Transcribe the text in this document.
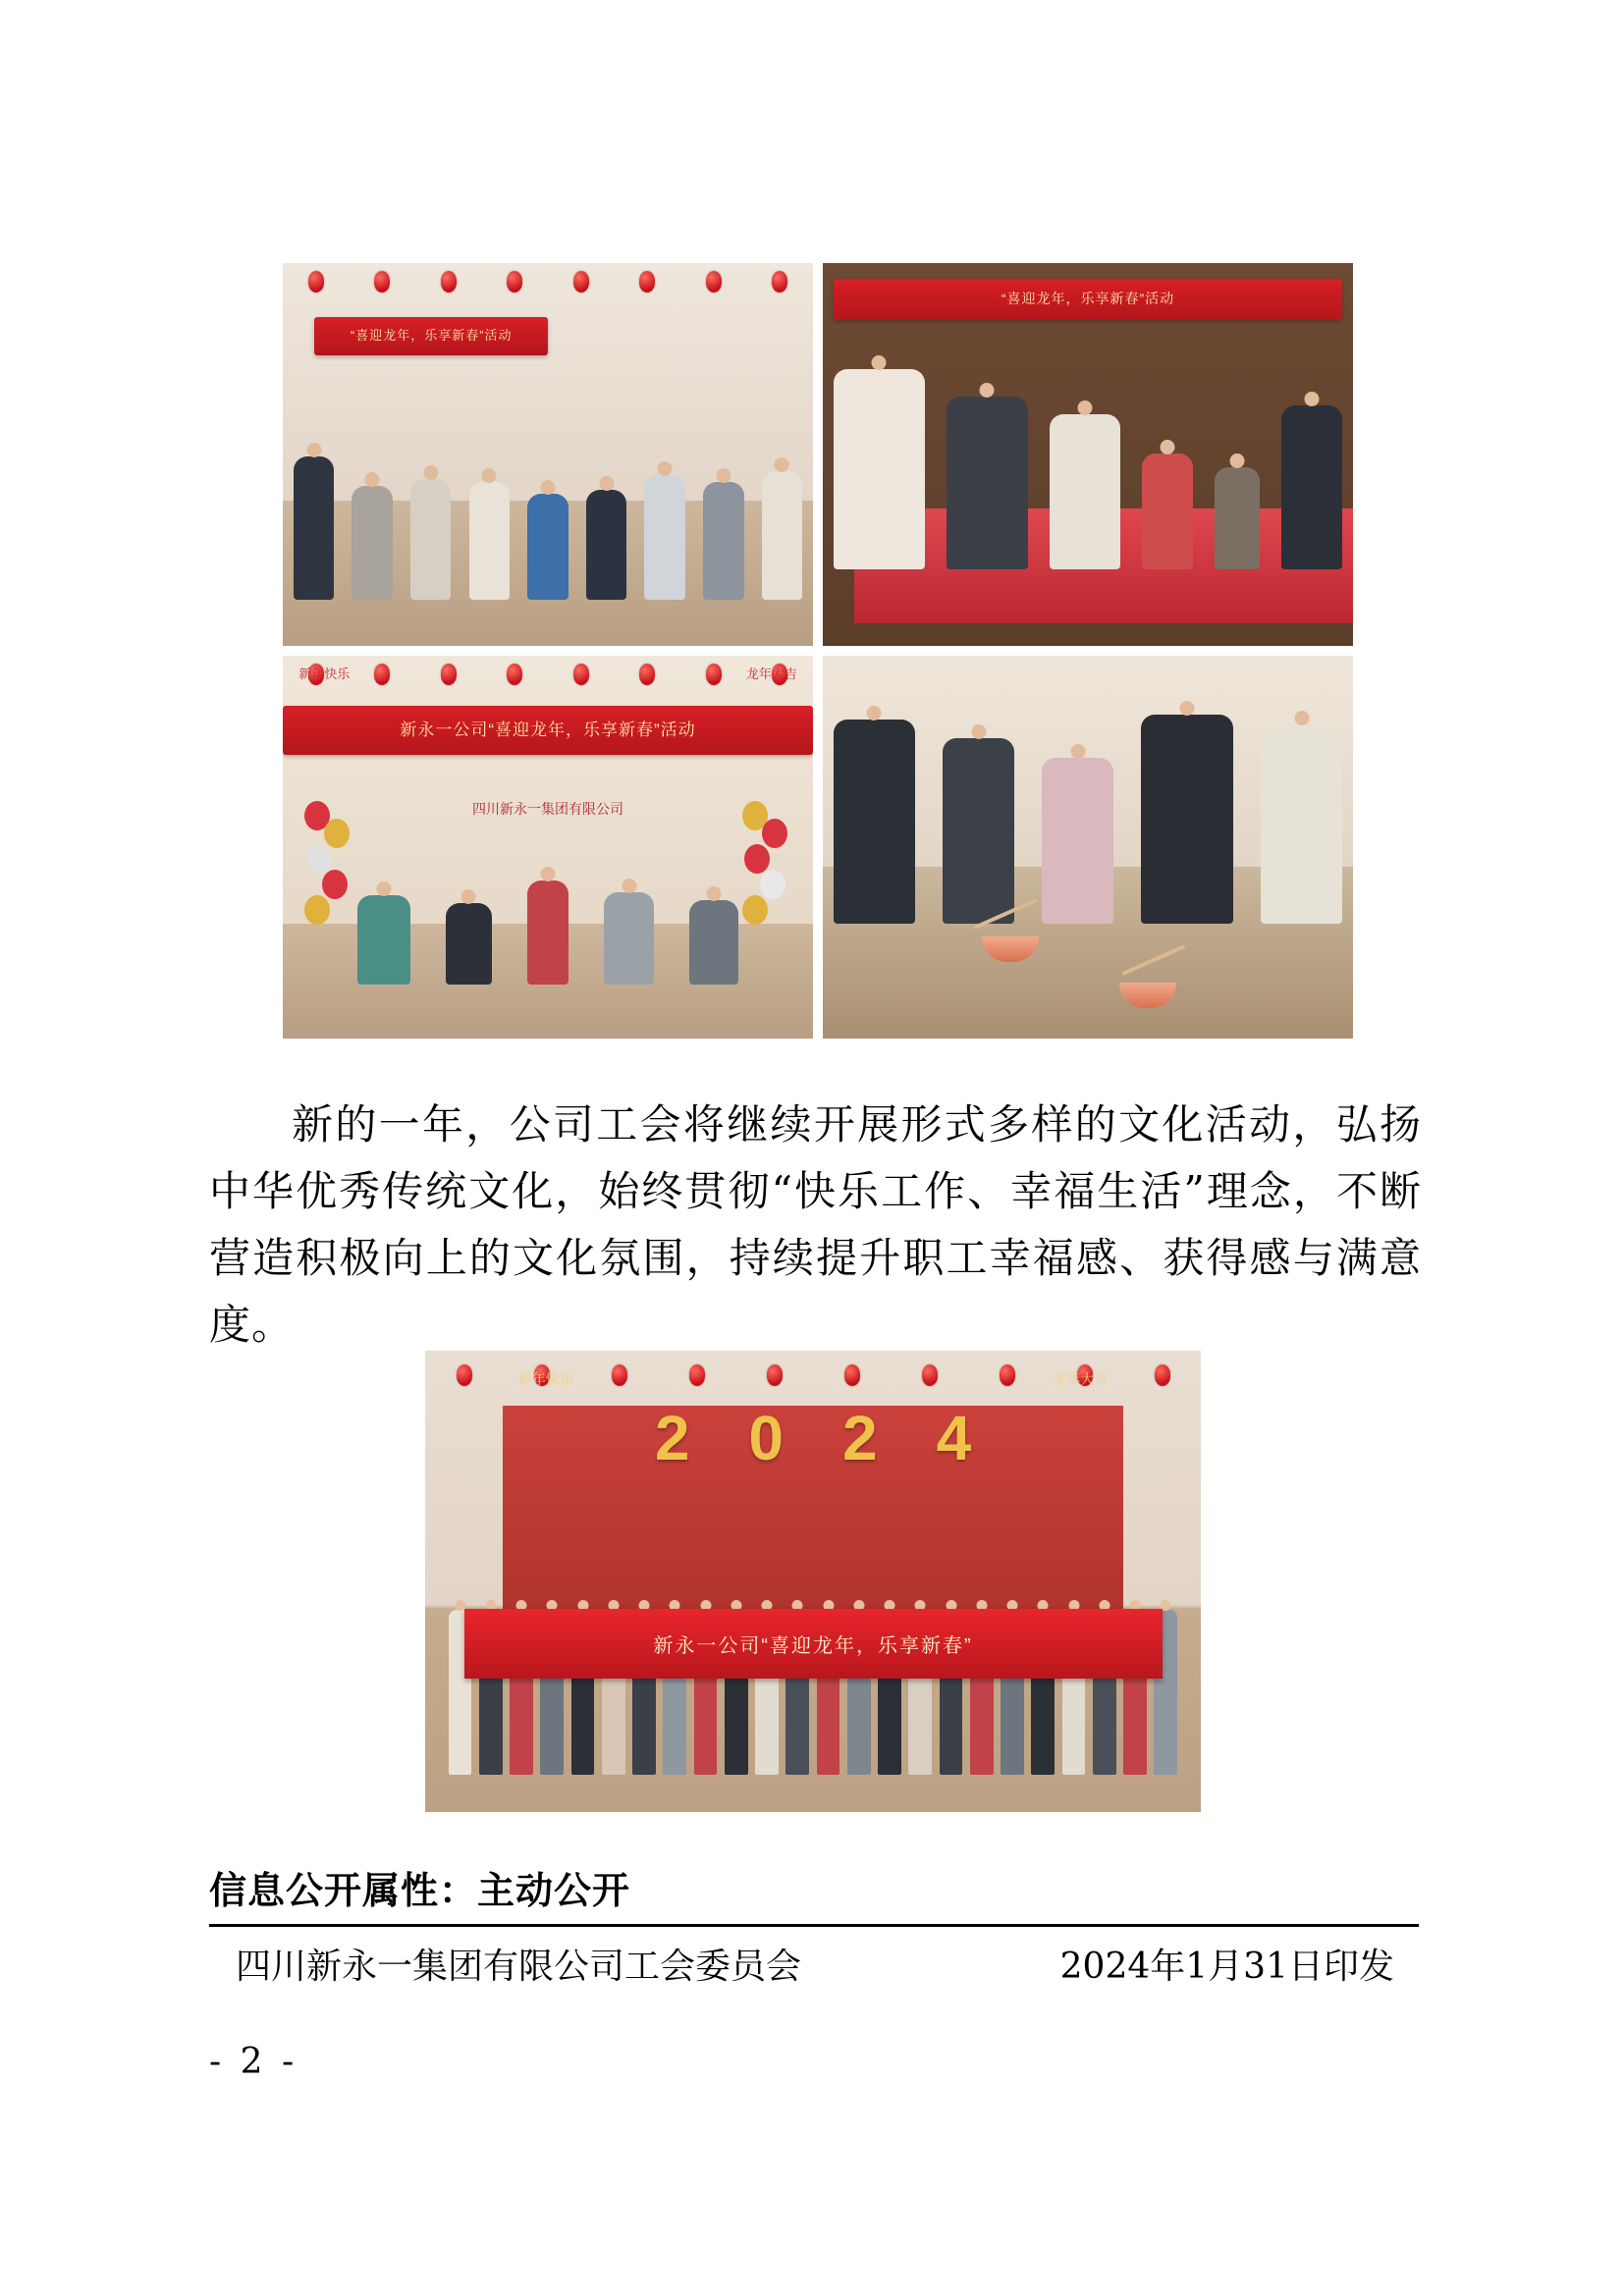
“喜迎龙年，乐享新春”活动
“喜迎龙年，乐享新春”活动
新年快乐	龙年大吉
新永一公司“喜迎龙年，乐享新春”活动
四川新永一集团有限公司

新的一年，公司工会将继续开展形式多样的文化活动，弘扬中华优秀传统文化，始终贯彻“快乐工作、幸福生活”理念，不断营造积极向上的文化氛围，持续提升职工幸福感、获得感与满意度。

新年快乐	龙年大吉
2 0 2 4
新永一公司“喜迎龙年，乐享新春”
信息公开属性：主动公开
四川新永一集团有限公司工会委员会	2024年1月31日印发
- 2 -
